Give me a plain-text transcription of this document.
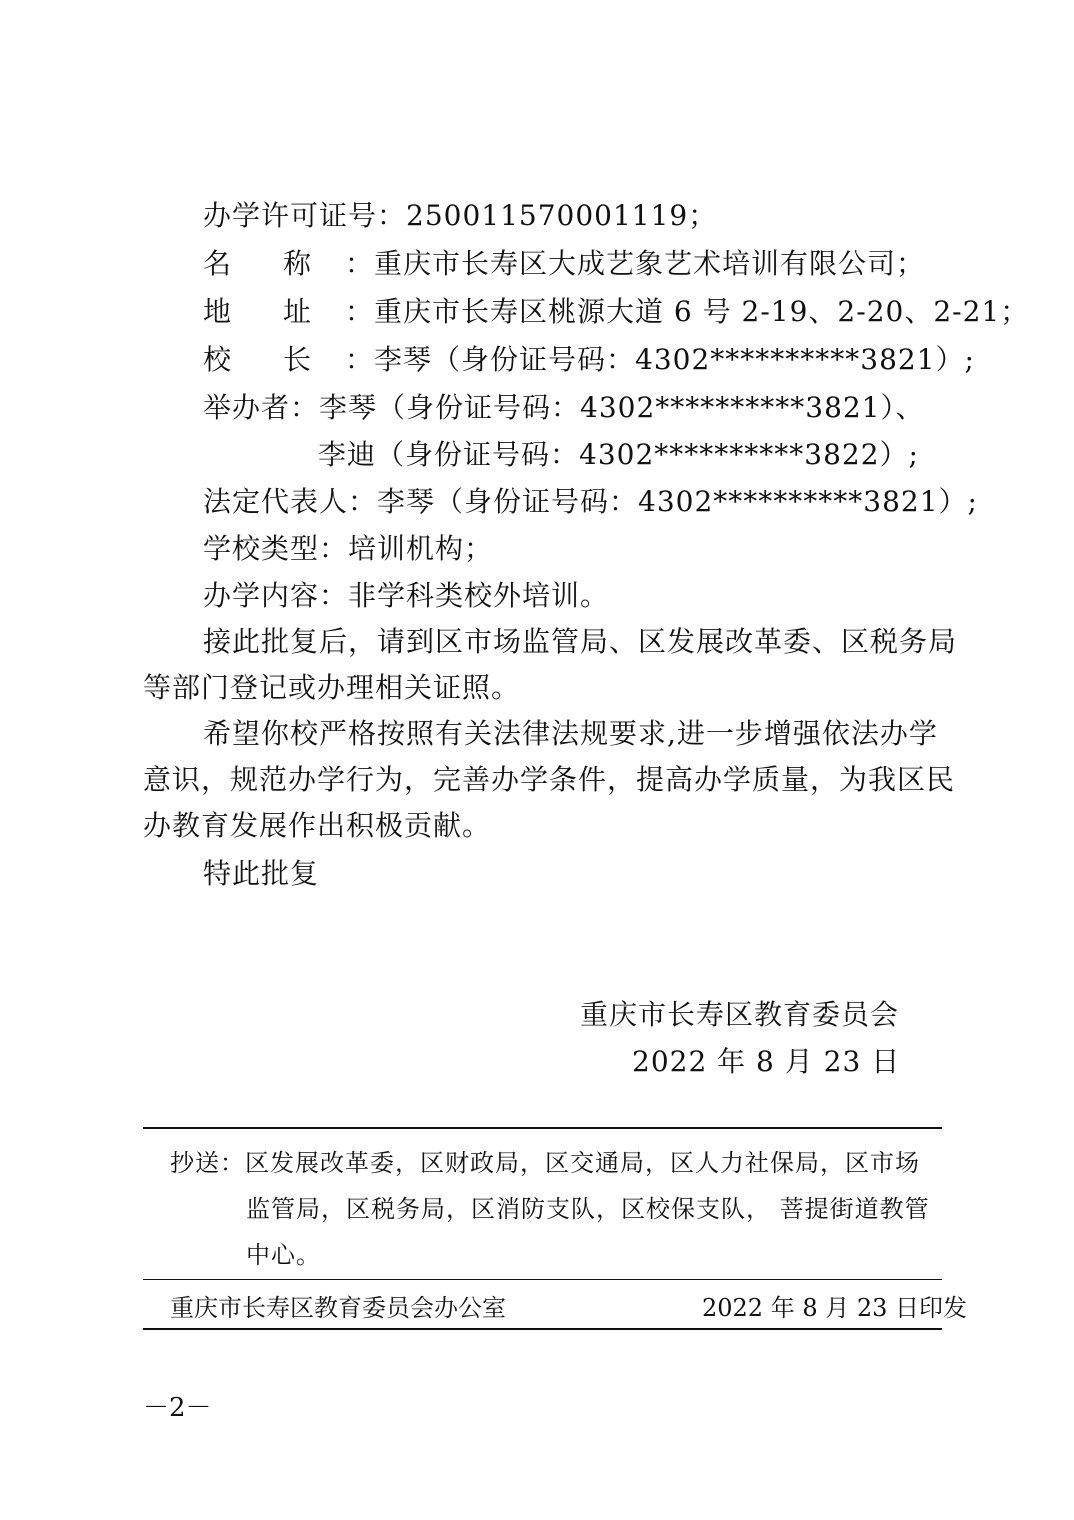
办学许可证号：250011570001119；
名 称 ：重庆市长寿区大成艺象艺术培训有限公司；
地 址 ：重庆市长寿区桃源大道 6 号 2-19、2-20、2-21；
校 长 ：李琴（身份证号码：4302**********3821）;
举办者：李琴（身份证号码：4302**********3821）、
李迪（身份证号码：4302**********3822）;
法定代表人：李琴（身份证号码：4302**********3821）;
学校类型：培训机构；
办学内容：非学科类校外培训。
接此批复后，请到区市场监管局、区发展改革委、区税务局
等部门登记或办理相关证照。
希望你校严格按照有关法律法规要求,进一步增强依法办学
意识，规范办学行为，完善办学条件，提高办学质量，为我区民
办教育发展作出积极贡献。
特此批复
重庆市长寿区教育委员会
2022 年 8 月 23 日
抄送：区发展改革委，区财政局，区交通局，区人力社保局，区市场
监管局，区税务局，区消防支队，区校保支队， 菩提街道教管
中心。
重庆市长寿区教育委员会办公室	2022 年 8 月 23 日印发
－2－
